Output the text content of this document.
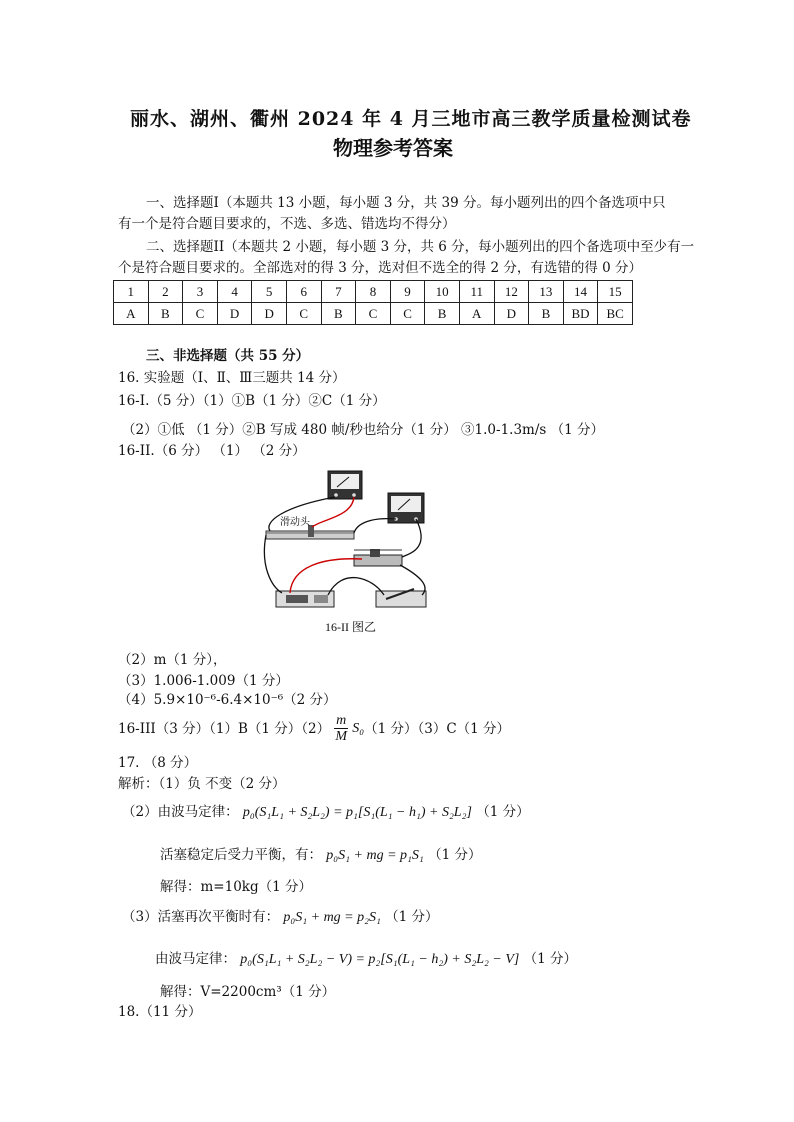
丽水、湖州、衢州 2024 年 4 月三地市高三教学质量检测试卷
物理参考答案
一、选择题I（本题共 13 小题，每小题 3 分，共 39 分。每小题列出的四个备选项中只
有一个是符合题目要求的，不选、多选、错选均不得分）
二、选择题II（本题共 2 小题，每小题 3 分，共 6 分，每小题列出的四个备选项中至少有一
个是符合题目要求的。全部选对的得 3 分，选对但不选全的得 2 分，有选错的得 0 分）
1	2	3	4	5	6	7	8	9	10	11	12	13	14	15
A	B	C	D	D	C	B	C	C	B	A	D	B	BD	BC
三、非选择题（共 55 分）
16. 实验题（Ⅰ、Ⅱ、Ⅲ三题共 14 分）
16-I.（5 分）（1）①B（1 分）②C（1 分）
（2）①低 （1 分）②B 写成 480 帧/秒也给分（1 分） ③1.0-1.3m/s （1 分）
16-II.（6 分） （1） （2 分）
滑动头
16-II 图乙
（2）m（1 分），
（3）1.006-1.009（1 分）
（4）5.9×10⁻⁶-6.4×10⁻⁶（2 分）
16-III（3 分）（1）B（1 分）$(2) \frac{m}{M} S_0$ （1 分）（3）C（1 分）
17. （8 分）
解析：（1）负 不变（2 分）
（2）由波马定律： p₀(S₁L₁ + S₂L₂) = p₁[S₁(L₁ − h₁) + S₂L₂] （1 分）
活塞稳定后受力平衡，有： p₀S₁ + mg = p₁S₁ （1 分）
解得：m=10kg（1 分）
（3）活塞再次平衡时有： p₀S₁ + mg = p₂S₁ （1 分）
由波马定律： p₀(S₁L₁ + S₂L₂ − V) = p₂[S₁(L₁ − h₂) + S₂L₂ − V] （1 分）
解得：V=2200cm³（1 分）
18.（11 分）
